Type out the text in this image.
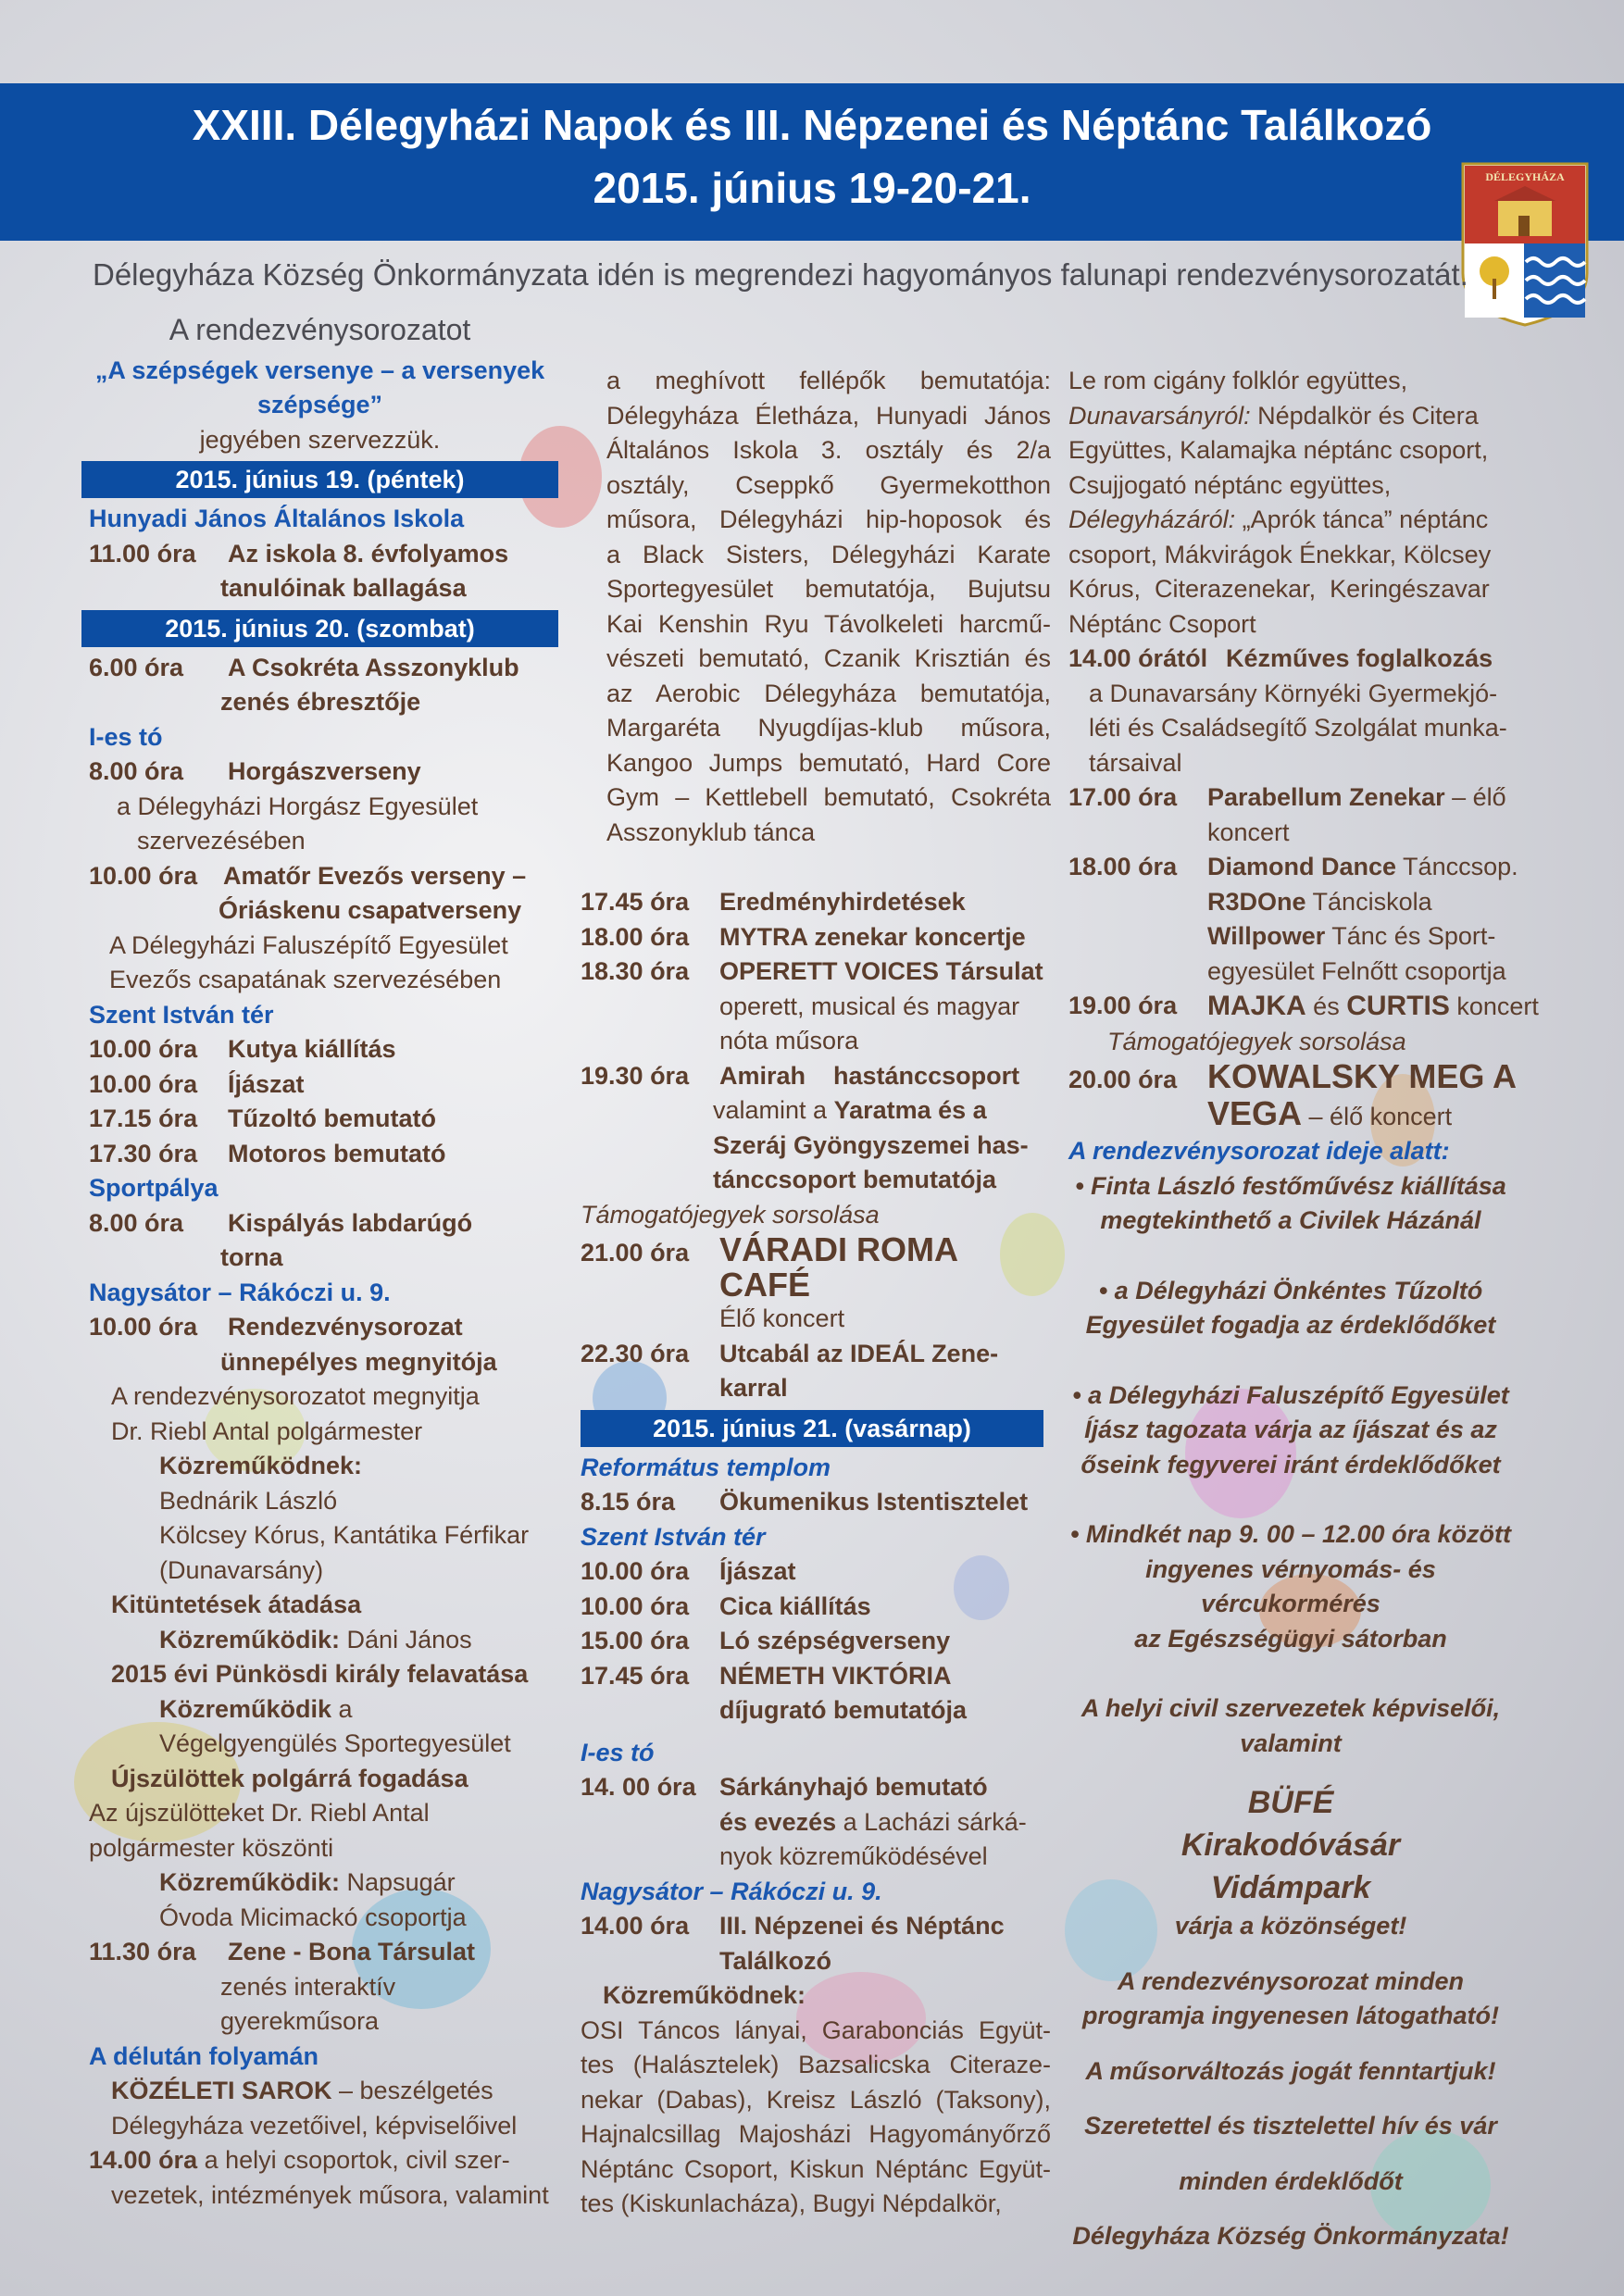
XXIII. Délegyházi Napok és III. Népzenei és Néptánc Találkozó
2015. június 19-20-21.	DÉLEGYHÁZA
Délegyháza Község Önkormányzata idén is megrendezi hagyományos falunapi rendezvénysorozatát.

A rendezvénysorozatot

„A szépségek versenye – a versenyek

szépsége”

jegyében szervezzük.

2015. június 19. (péntek)

Hunyadi János Általános Iskola

11.00 óra	Az iskola 8. évfolyamos

tanulóinak ballagása

2015. június 20. (szombat)
6.00 óra	A Csokréta Asszonyklub

zenés ébresztője

I-es tó

8.00 óra	Horgászverseny

a Délegyházi Horgász Egyesület

szervezésében

10.00 óra	Amatőr Evezős verseny –

Óriáskenu csapatverseny

A Délegyházi Faluszépítő Egyesület

Evezős csapatának szervezésében

Szent István tér

10.00 óra	Kutya kiállítás
10.00 óra	Íjászat
17.15 óra	Tűzoltó bemutató
17.30 óra	Motoros bemutató

Sportpálya

8.00 óra	Kispályás labdarúgó

torna

Nagysátor – Rákóczi u. 9.

10.00 óra	Rendezvénysorozat

ünnepélyes megnyitója

A rendezvénysorozatot megnyitja

Dr. Riebl Antal polgármester

Közreműködnek:

Bednárik László

Kölcsey Kórus, Kantátika Férfikar

(Dunavarsány)

Kitüntetések átadása

Közreműködik: Dáni János

2015 évi Pünkösdi király felavatása

Közreműködik a

Végelgyengülés Sportegyesület

Újszülöttek polgárrá fogadása

Az újszülötteket Dr. Riebl Antal

polgármester köszönti

Közreműködik: Napsugár

Óvoda Micimackó csoportja

11.30 óra	Zene - Bona Társulat

zenés interaktív gyerekműsora

A délután folyamán

KÖZÉLETI SAROK – beszélgetés

Délegyháza vezetőivel, képviselőivel

14.00 óra a helyi csoportok, civil szer-

vezetek, intézmények műsora, valamint

a meghívott fellépők bemutatója:

Délegyháza Életháza, Hunyadi János

Általános Iskola 3. osztály és 2/a

osztály, Cseppkő Gyermekotthon

műsora, Délegyházi hip-hoposok és

a Black Sisters, Délegyházi Karate

Sportegyesület bemutatója, Bujutsu

Kai Kenshin Ryu Távolkeleti harcmű-

vészeti bemutató, Czanik Krisztián és

az Aerobic Délegyháza bemutatója,

Margaréta Nyugdíjas-klub műsora,

Kangoo Jumps bemutató, Hard Core

Gym – Kettlebell bemutató, Csokréta

Asszonyklub tánca

17.45 óra	Eredményhirdetések
18.00 óra	MYTRA zenekar koncertje
18.30 óra	OPERETT VOICES Társulat

operett, musical és magyar

nóta műsora

19.30 óra	Amirah    hastánccsoport

valamint a Yaratma és a

Szeráj Gyöngyszemei has-

tánccsoport bemutatója

Támogatójegyek sorsolása

21.00 óra VÁRADI ROMA CAFÉ

Élő koncert

22.30 óra	Utcabál az IDEÁL Zene-

karral

2015. június 21. (vasárnap)

Református templom

8.15 óra	Ökumenikus Istentisztelet

Szent István tér

10.00 óra	Íjászat
10.00 óra	Cica kiállítás
15.00 óra	Ló szépségverseny
17.45 óra	NÉMETH VIKTÓRIA

díjugrató bemutatója

I-es tó

14. 00 óra Sárkányhajó bemutató

és evezés a Lacházi sárká-

nyok közreműködésével

Nagysátor – Rákóczi u. 9.

14.00 óra	III. Népzenei és Néptánc

Találkozó

Közreműködnek:

OSI Táncos lányai, Garabonciás Együt-

tes (Halásztelek) Bazsalicska Citeraze-

nekar (Dabas), Kreisz László (Taksony),

Hajnalcsillag Majosházi Hagyományőrző

Néptánc Csoport, Kiskun Néptánc Együt-

tes (Kiskunlacháza), Bugyi Népdalkör,

Le rom cigány folklór együttes,

Dunavarsányról: Népdalkör és Citera

Együttes, Kalamajka néptánc csoport,

Csujjogató néptánc együttes,

Délegyházáról: „Aprók tánca” néptánc

csoport, Mákvirágok Énekkar, Kölcsey

Kórus,  Citerazenekar,  Keringészavar

Néptánc Csoport

14.00 órától Kézműves foglalkozás

a Dunavarsány Környéki Gyermekjó-

léti és Családsegítő Szolgálat munka-

társaival

17.00 óra	Parabellum Zenekar – élő

koncert

18.00 óra	Diamond Dance Tánccsop.

R3DOne Tánciskola

Willpower Tánc és Sport-

egyesület Felnőtt csoportja

19.00 óra	MAJKA és CURTIS koncert

Támogatójegyek sorsolása

20.00 óra KOWALSKY MEG A

VEGA – élő koncert

A rendezvénysorozat ideje alatt:

• Finta László festőművész kiállítása

megtekinthető a Civilek Házánál

• a Délegyházi Önkéntes Tűzoltó

Egyesület fogadja az érdeklődőket

• a Délegyházi Faluszépítő Egyesület

Íjász tagozata várja az íjászat és az

őseink fegyverei iránt érdeklődőket

• Mindkét nap 9. 00 – 12.00 óra között

ingyenes vérnyomás- és vércukormérés

az Egészségügyi sátorban

A helyi civil szervezetek képviselői,

valamint

BÜFÉ

Kirakodóvásár

Vidámpark

várja a közönséget!

A rendezvénysorozat minden

programja ingyenesen látogatható!

A műsorváltozás jogát fenntartjuk!

Szeretettel és tisztelettel hív és vár

minden érdeklődőt

Délegyháza Község Önkormányzata!
